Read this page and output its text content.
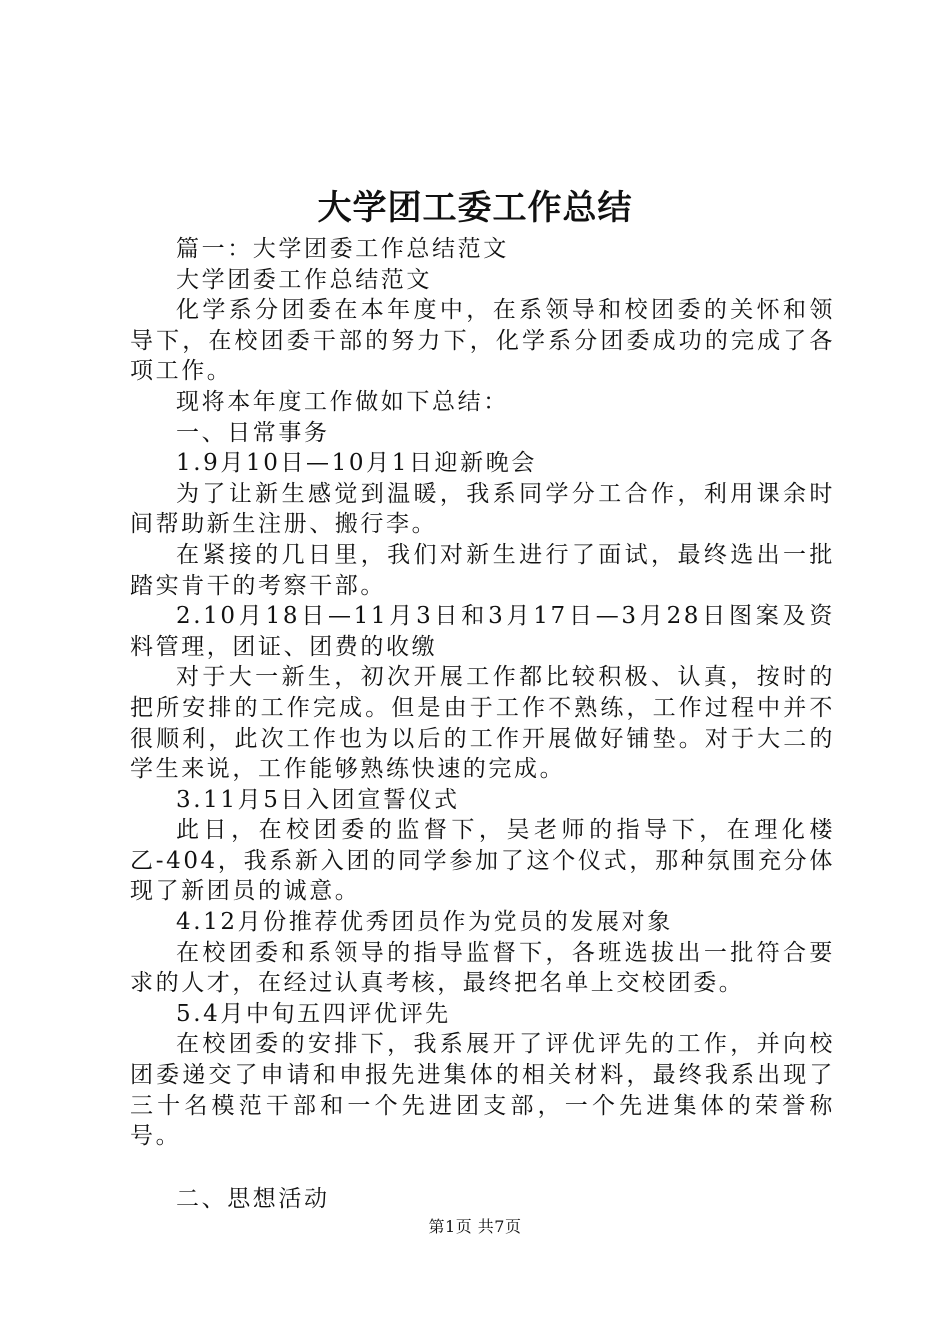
大学团工委工作总结

篇一：大学团委工作总结范文

大学团委工作总结范文

化学系分团委在本年度中，在系领导和校团委的关怀和领导下，在校团委干部的努力下，化学系分团委成功的完成了各项工作。

现将本年度工作做如下总结：

一、日常事务

1.9月10日—10月1日迎新晚会

为了让新生感觉到温暖，我系同学分工合作，利用课余时间帮助新生注册、搬行李。

在紧接的几日里，我们对新生进行了面试，最终选出一批踏实肯干的考察干部。

2.10月18日—11月3日和3月17日—3月28日图案及资料管理，团证、团费的收缴

对于大一新生，初次开展工作都比较积极、认真，按时的把所安排的工作完成。但是由于工作不熟练，工作过程中并不很顺利，此次工作也为以后的工作开展做好铺垫。对于大二的学生来说，工作能够熟练快速的完成。

3.11月5日入团宣誓仪式

此日，在校团委的监督下，吴老师的指导下，在理化楼乙-404，我系新入团的同学参加了这个仪式，那种氛围充分体现了新团员的诚意。

4.12月份推荐优秀团员作为党员的发展对象

在校团委和系领导的指导监督下，各班选拔出一批符合要求的人才，在经过认真考核，最终把名单上交校团委。

5.4月中旬五四评优评先

在校团委的安排下，我系展开了评优评先的工作，并向校团委递交了申请和申报先进集体的相关材料，最终我系出现了三十名模范干部和一个先进团支部，一个先进集体的荣誉称号。

二、思想活动

第1页 共7页
